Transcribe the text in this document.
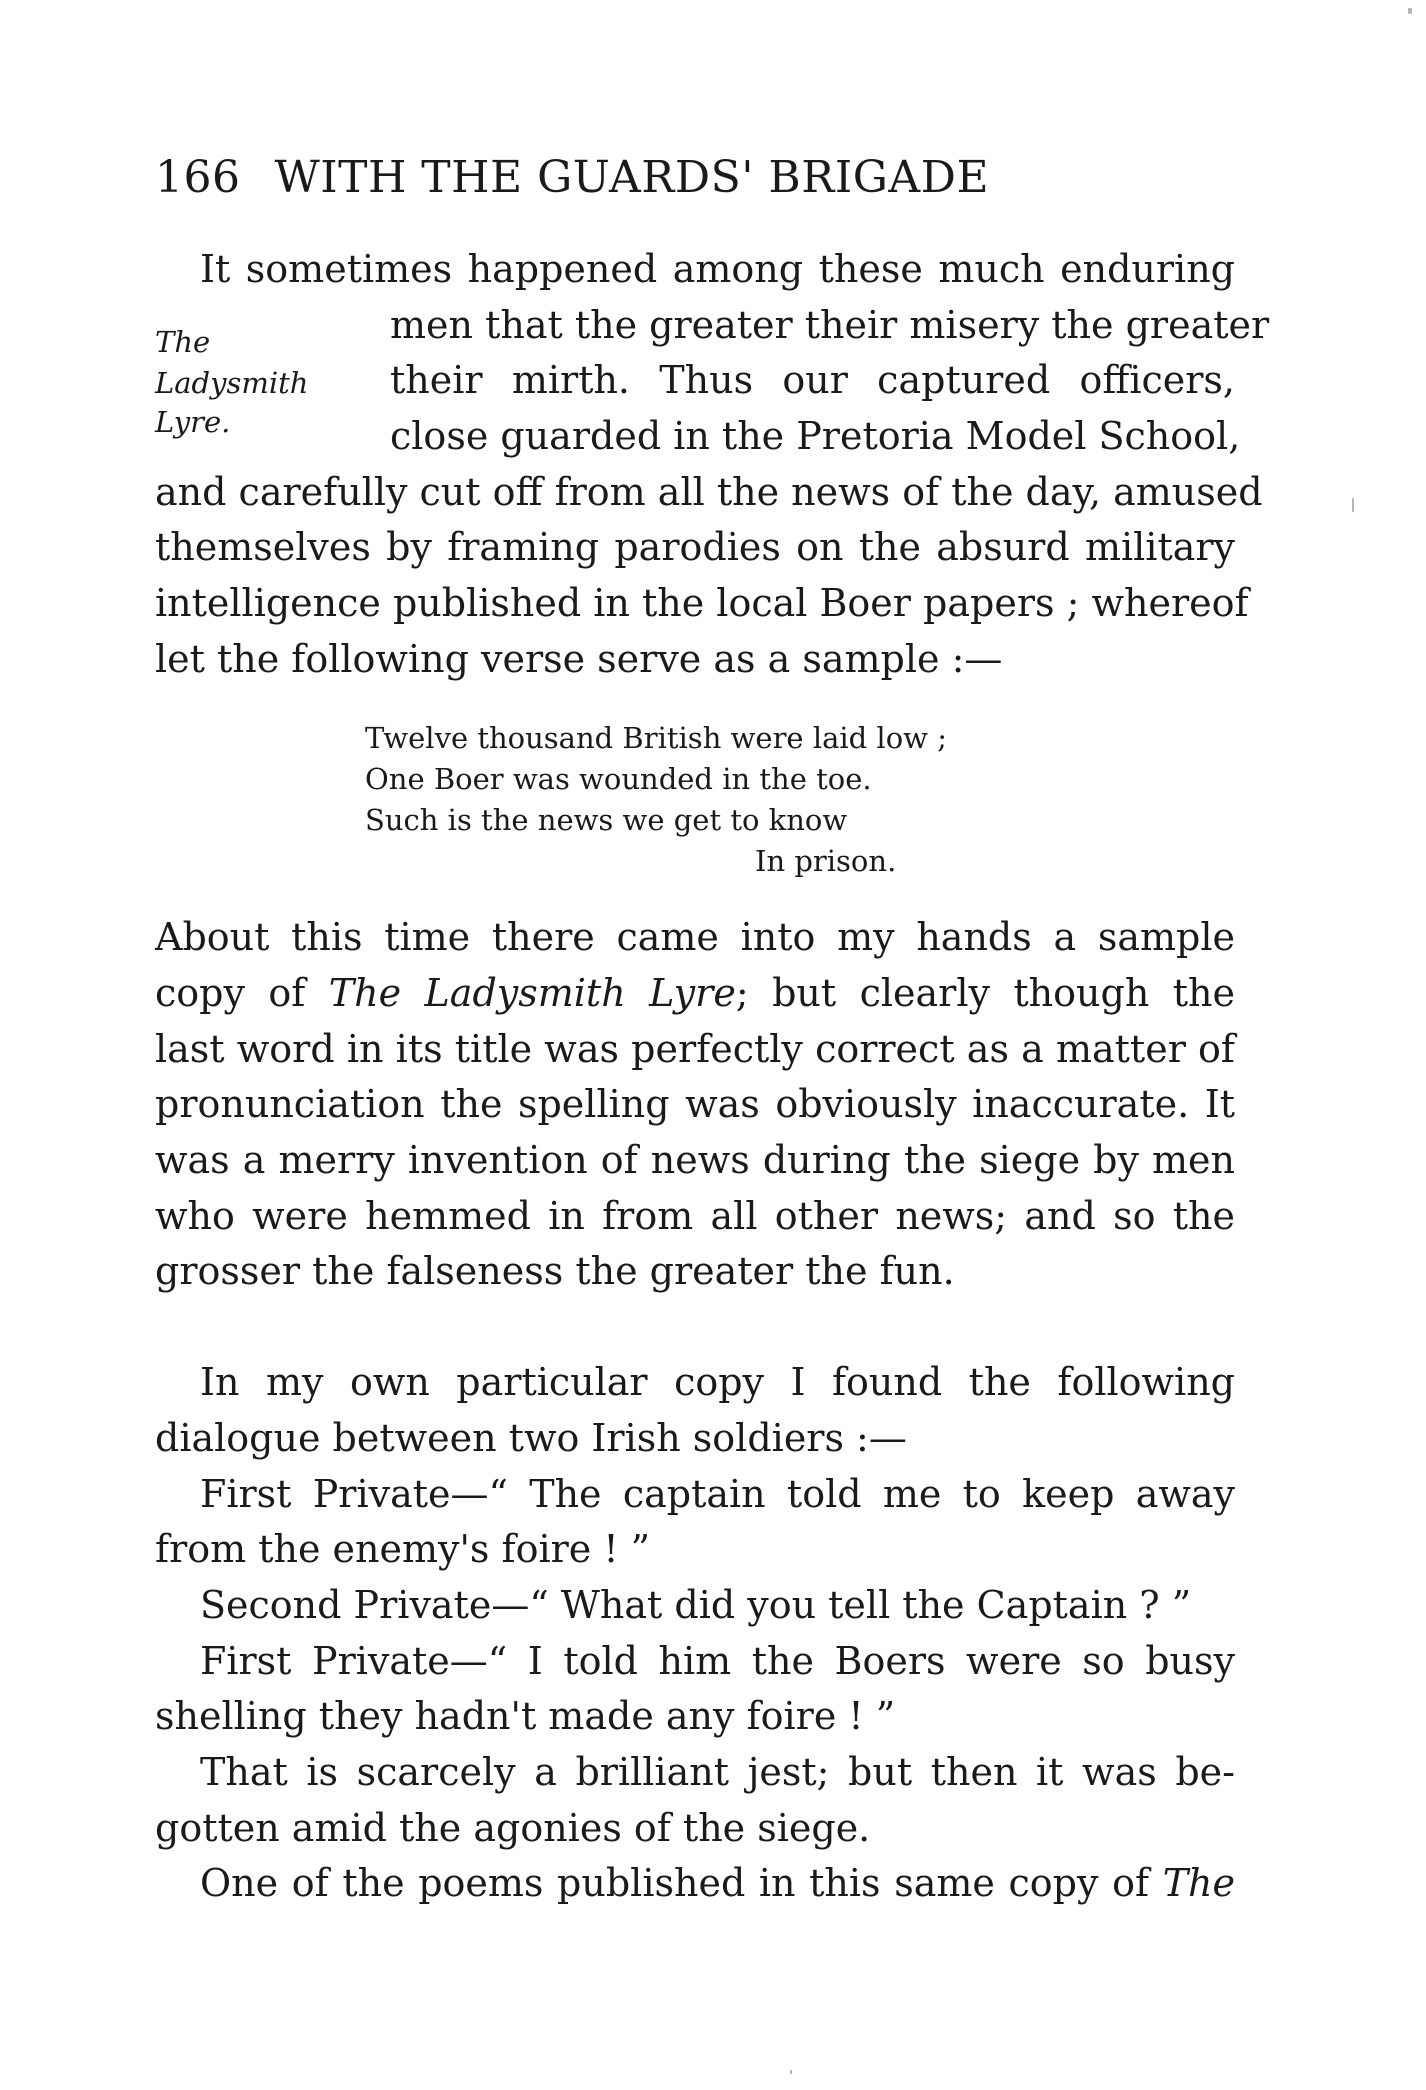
166 WITH THE GUARDS' BRIGADE
It sometimes happened among these much enduring
men that the greater their misery the greater
their mirth. Thus our captured officers,
close guarded in the Pretoria Model School,
and carefully cut off from all the news of the day, amused
themselves by framing parodies on the absurd military
intelligence published in the local Boer papers ; whereof
let the following verse serve as a sample :—
The
Ladysmith
Lyre.
Twelve thousand British were laid low ;
One Boer was wounded in the toe.
Such is the news we get to know
In prison.
About this time there came into my hands a sample
copy of The Ladysmith Lyre; but clearly though the
last word in its title was perfectly correct as a matter of
pronunciation the spelling was obviously inaccurate. It
was a merry invention of news during the siege by men
who were hemmed in from all other news; and so the
grosser the falseness the greater the fun.
In my own particular copy I found the following
dialogue between two Irish soldiers :—
First Private—“ The captain told me to keep away
from the enemy's foire ! ”
Second Private—“ What did you tell the Captain ? ”
First Private—“ I told him the Boers were so busy
shelling they hadn't made any foire ! ”
That is scarcely a brilliant jest; but then it was be-
gotten amid the agonies of the siege.
One of the poems published in this same copy of The
